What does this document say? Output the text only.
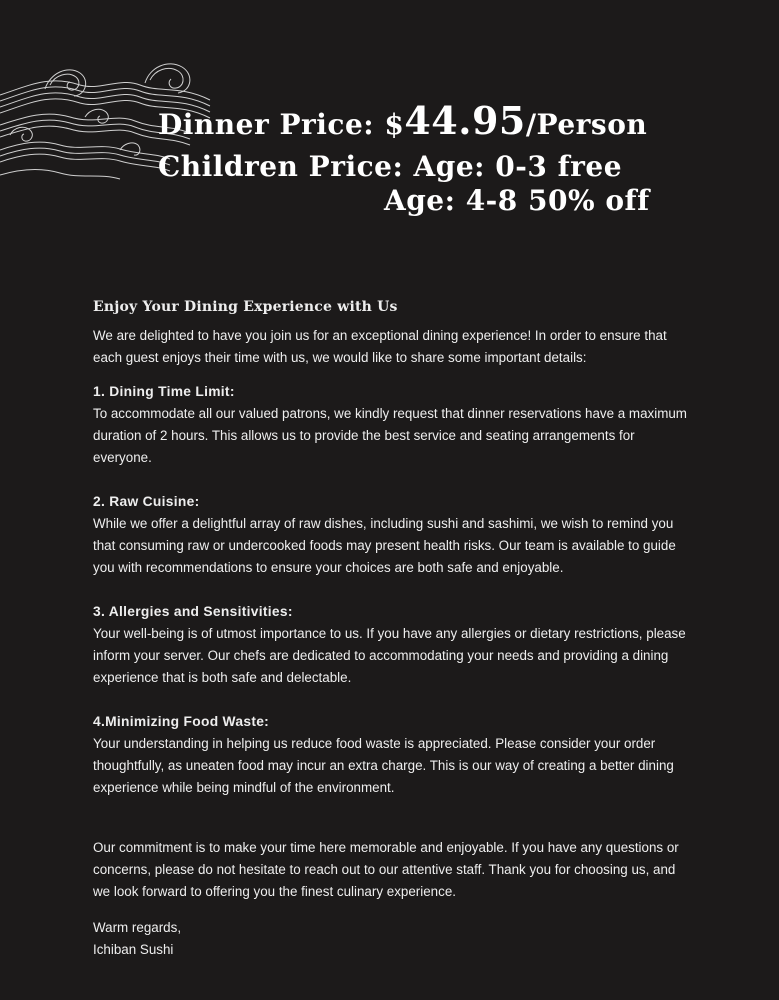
Dinner Price: $44.95/Person
Children Price: Age: 0-3 free
Age: 4-8 50% off
Enjoy Your Dining Experience with Us

We are delighted to have you join us for an exceptional dining experience! In order to ensure that each guest enjoys their time with us, we would like to share some important details:

1. Dining Time Limit:

To accommodate all our valued patrons, we kindly request that dinner reservations have a maximum duration of 2 hours. This allows us to provide the best service and seating arrangements for everyone.

2. Raw Cuisine:

While we offer a delightful array of raw dishes, including sushi and sashimi, we wish to remind you that consuming raw or undercooked foods may present health risks. Our team is available to guide you with recommendations to ensure your choices are both safe and enjoyable.

3. Allergies and Sensitivities:

Your well-being is of utmost importance to us. If you have any allergies or dietary restrictions, please inform your server. Our chefs are dedicated to accommodating your needs and providing a dining experience that is both safe and delectable.

4.Minimizing Food Waste:

Your understanding in helping us reduce food waste is appreciated. Please consider your order thoughtfully, as uneaten food may incur an extra charge. This is our way of creating a better dining experience while being mindful of the environment.

Our commitment is to make your time here memorable and enjoyable. If you have any questions or concerns, please do not hesitate to reach out to our attentive staff. Thank you for choosing us, and we look forward to offering you the finest culinary experience.

Warm regards,

Ichiban Sushi
